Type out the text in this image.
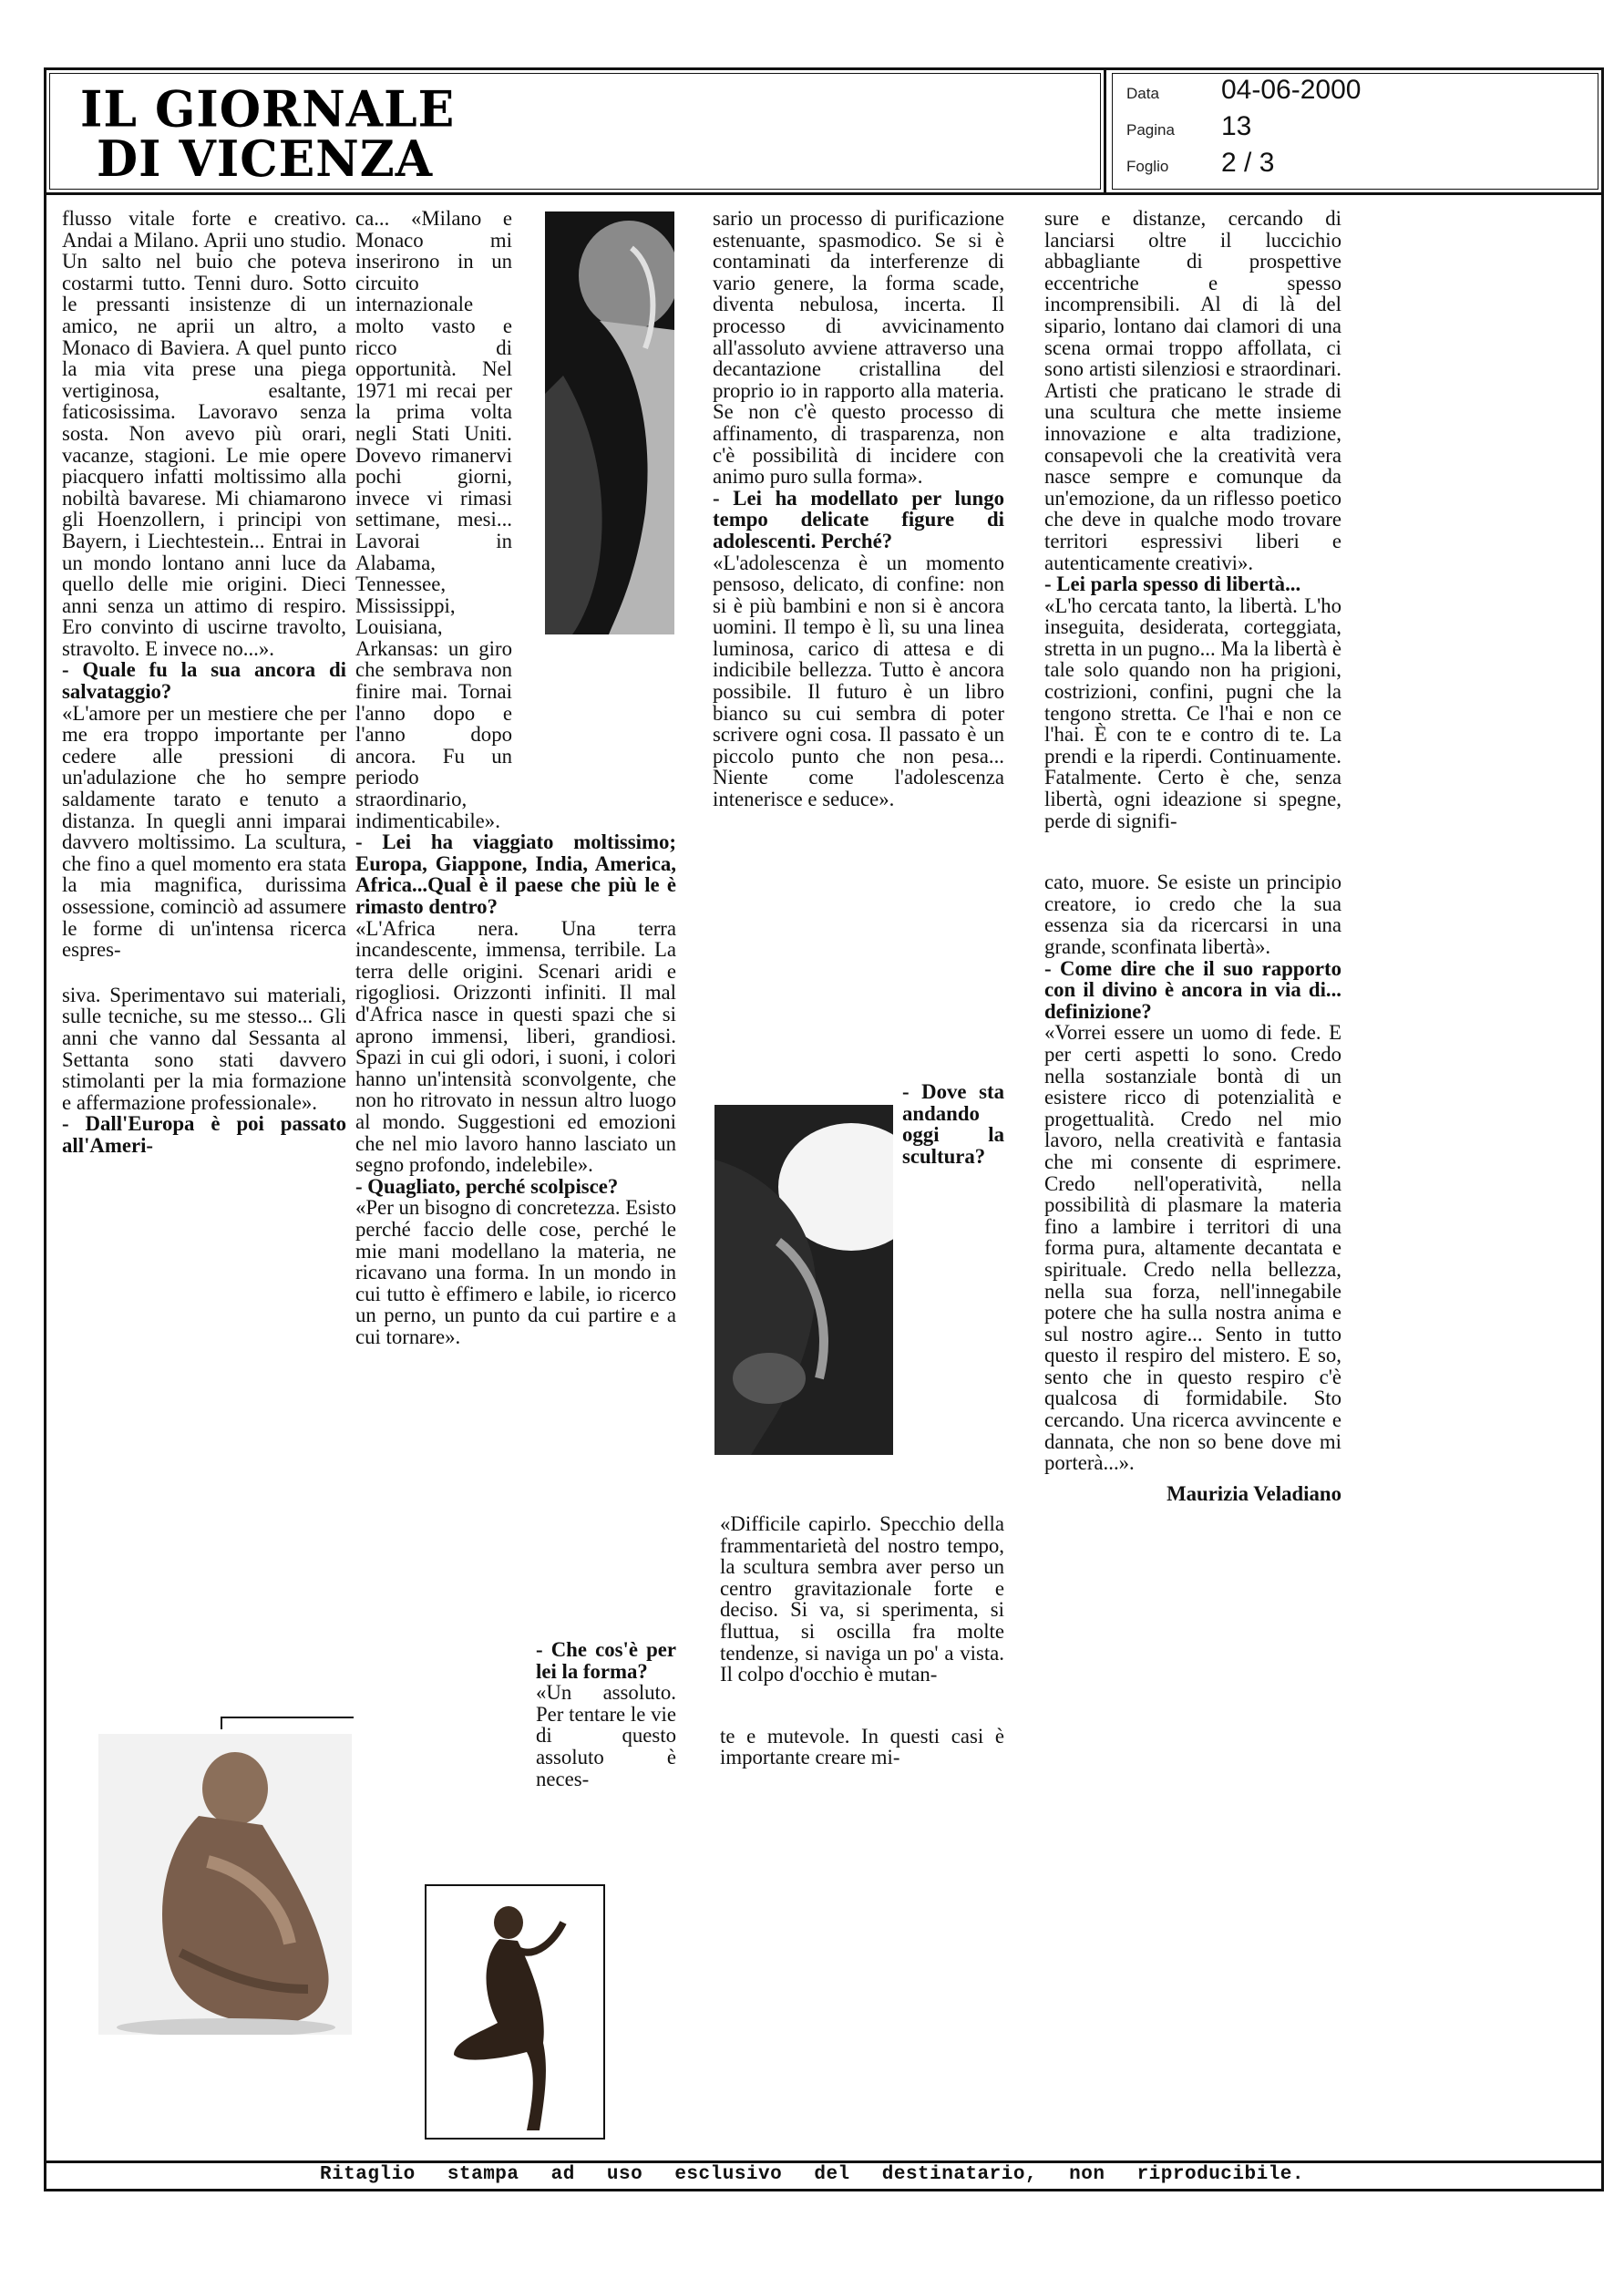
IL GIORNALE
DI VICENZA
Data	04-06-2000
Pagina	13
Foglio	2 / 3

flusso vitale forte e creativo. Andai a Milano. Aprii uno studio. Un salto nel buio che poteva costarmi tutto. Tenni duro. Sotto le pressanti insistenze di un amico, ne aprii un altro, a Monaco di Baviera. A quel punto la mia vita prese una piega vertiginosa, esaltante, faticosissima. Lavoravo senza sosta. Non avevo più orari, vacanze, stagioni. Le mie opere piacquero infatti moltissimo alla nobiltà bavarese. Mi chiamarono gli Hoenzollern, i principi von Bayern, i Liechtestein... Entrai in un mondo lontano anni luce da quello delle mie origini. Dieci anni senza un attimo di respiro. Ero convinto di uscirne travolto, stravolto. E invece no...».

- Quale fu la sua ancora di salvataggio?

«L'amore per un mestiere che per me era troppo importante per cedere alle pressioni di un'adulazione che ho sempre saldamente tarato e tenuto a distanza. In quegli anni imparai davvero moltissimo. La scultura, che fino a quel momento era stata la mia magnifica, durissima ossessione, cominciò ad assumere le forme di un'intensa ricerca espres-

siva. Sperimentavo sui materiali, sulle tecniche, su me stesso... Gli anni che vanno dal Sessanta al Settanta sono stati davvero stimolanti per la mia formazione e affermazione professionale».

- Dall'Europa è poi passato all'Ameri-

ca... «Milano e Monaco mi inserirono in un circuito internazionale molto vasto e ricco di opportunità. Nel 1971 mi recai per la prima volta negli Stati Uniti. Dovevo rimanervi pochi giorni, invece vi rimasi settimane, mesi... Lavorai in Alabama, Tennessee, Mississippi, Louisiana, Arkansas: un giro che sembrava non finire mai. Tornai l'anno dopo e l'anno dopo ancora. Fu un periodo straordinario, indimenticabile».

- Lei ha viaggiato moltissimo; Europa, Giappone, India, America, Africa...Qual è il paese che più le è rimasto dentro?

«L'Africa nera. Una terra incandescente, immensa, terribile. La terra delle origini. Scenari aridi e rigogliosi. Orizzonti infiniti. Il mal d'Africa nasce in questi spazi che si aprono immensi, liberi, grandiosi. Spazi in cui gli odori, i suoni, i colori hanno un'intensità sconvolgente, che non ho ritrovato in nessun altro luogo al mondo. Suggestioni ed emozioni che nel mio lavoro hanno lasciato un segno profondo, indelebile».

- Quagliato, perché scolpisce?

«Per un bisogno di concretezza. Esisto perché faccio delle cose, perché le mie mani modellano la materia, ne ricavano una forma. In un mondo in cui tutto è effimero e labile, io ricerco un perno, un punto da cui partire e a cui tornare».

- Che cos'è per lei la forma?

«Un assoluto. Per tentare le vie di questo assoluto è neces-

sario un processo di purificazione estenuante, spasmodico. Se si è contaminati da interferenze di vario genere, la forma scade, diventa nebulosa, incerta. Il processo di avvicinamento all'assoluto avviene attraverso una decantazione cristallina del proprio io in rapporto alla materia. Se non c'è questo processo di affinamento, di trasparenza, non c'è possibilità di incidere con animo puro sulla forma».

- Lei ha modellato per lungo tempo delicate figure di adolescenti. Perché?

«L'adolescenza è un momento pensoso, delicato, di confine: non si è più bambini e non si è ancora uomini. Il tempo è lì, su una linea luminosa, carico di attesa e di indicibile bellezza. Tutto è ancora possibile. Il futuro è un libro bianco su cui sembra di poter scrivere ogni cosa. Il passato è un piccolo punto che non pesa... Niente come l'adolescenza intenerisce e seduce».

- Dove sta andando oggi la scultura?

«Difficile capirlo. Specchio della frammentarietà del nostro tempo, la scultura sembra aver perso un centro gravitazionale forte e deciso. Si va, si sperimenta, si fluttua, si oscilla fra molte tendenze, si naviga un po' a vista. Il colpo d'occhio è mutan-

te e mutevole. In questi casi è importante creare mi-

sure e distanze, cercando di lanciarsi oltre il luccichio abbagliante di prospettive eccentriche e spesso incomprensibili. Al di là del sipario, lontano dai clamori di una scena ormai troppo affollata, ci sono artisti silenziosi e straordinari. Artisti che praticano le strade di una scultura che mette insieme innovazione e alta tradizione, consapevoli che la creatività vera nasce sempre e comunque da un'emozione, da un riflesso poetico che deve in qualche modo trovare territori espressivi liberi e autenticamente creativi».

- Lei parla spesso di libertà...

«L'ho cercata tanto, la libertà. L'ho inseguita, desiderata, corteggiata, stretta in un pugno... Ma la libertà è tale solo quando non ha prigioni, costrizioni, confini, pugni che la tengono stretta. Ce l'hai e non ce l'hai. È con te e contro di te. La prendi e la riperdi. Continuamente. Fatalmente. Certo è che, senza libertà, ogni ideazione si spegne, perde di signifi-

cato, muore. Se esiste un principio creatore, io credo che la sua essenza sia da ricercarsi in una grande, sconfinata libertà».

- Come dire che il suo rapporto con il divino è ancora in via di... definizione?

«Vorrei essere un uomo di fede. E per certi aspetti lo sono. Credo nella sostanziale bontà di un esistere ricco di potenzialità e progettualità. Credo nel mio lavoro, nella creatività e fantasia che mi consente di esprimere. Credo nell'operatività, nella possibilità di plasmare la materia fino a lambire i territori di una forma pura, altamente decantata e spirituale. Credo nella bellezza, nella sua forza, nell'innegabile potere che ha sulla nostra anima e sul nostro agire... Sento in tutto questo il respiro del mistero. E so, sento che in questo respiro c'è qualcosa di formidabile. Sto cercando. Una ricerca avvincente e dannata, che non so bene dove mi porterà...».

Maurizia Veladiano

Ritaglio stampa ad uso esclusivo del destinatario, non riproducibile.
